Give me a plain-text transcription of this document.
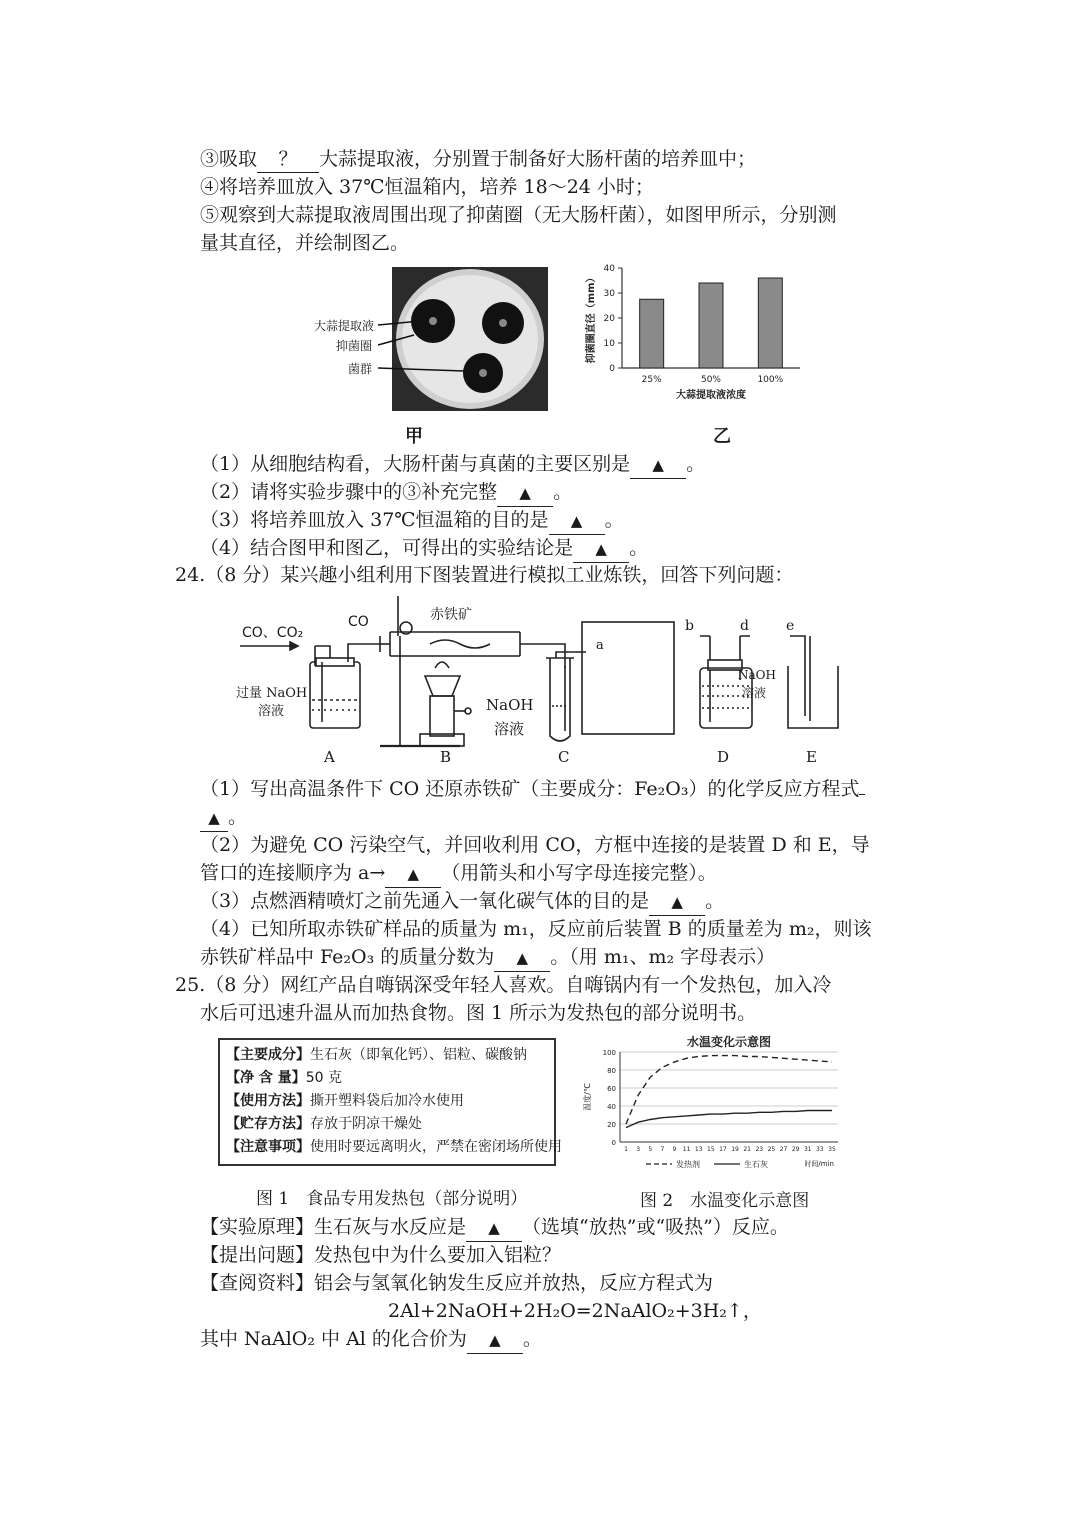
③吸取 ？ 大蒜提取液，分别置于制备好大肠杆菌的培养皿中；
④将培养皿放入 37℃恒温箱内，培养 18～24 小时；
⑤观察到大蒜提取液周围出现了抑菌圈（无大肠杆菌），如图甲所示，分别测
量其直径，并绘制图乙。
大蒜提取液
抑菌圈
菌群
甲
0
10
20
30
40
25%	50%	100%
大蒜提取液浓度
抑菌圈直径（mm）
乙
（1）从细胞结构看，大肠杆菌与真菌的主要区别是 ▲ 。
（2）请将实验步骤中的③补充完整 ▲ 。
（3）将培养皿放入 37℃恒温箱的目的是 ▲ 。
（4）结合图甲和图乙，可得出的实验结论是 ▲ 。
24.（8 分）某兴趣小组利用下图装置进行模拟工业炼铁，回答下列问题：
CO、CO₂
CO	赤铁矿
过量 NaOH
溶液	NaOH
溶液
a
b	d	e
NaOH
溶液
A	B	C	D	E
（1）写出高温条件下 CO 还原赤铁矿（主要成分：Fe₂O₃）的化学反应方程式
▲ 。
（2）为避免 CO 污染空气，并回收利用 CO，方框中连接的是装置 D 和 E，导
管口的连接顺序为 a→ ▲ （用箭头和小写字母连接完整）。
（3）点燃酒精喷灯之前先通入一氧化碳气体的目的是 ▲ 。
（4）已知所取赤铁矿样品的质量为 m₁，反应前后装置 B 的质量差为 m₂，则该
赤铁矿样品中 Fe₂O₃ 的质量分数为 ▲ 。（用 m₁、m₂ 字母表示）
25.（8 分）网红产品自嗨锅深受年轻人喜欢。自嗨锅内有一个发热包，加入冷
水后可迅速升温从而加热食物。图 1 所示为发热包的部分说明书。
【主要成分】生石灰（即氧化钙）、铝粒、碳酸钠
【净 含 量】50 克
【使用方法】撕开塑料袋后加冷水使用
【贮存方法】存放于阴凉干燥处
【注意事项】使用时要远离明火，严禁在密闭场所使用
图 1　食品专用发热包（部分说明）
水温变化示意图
0
20
40
60
80
100
1 3 5 7 9 11 13 15 17 19 21 23 25 27 29 31 33 35
温度/℃
时间/min
发热剂	生石灰
图 2　水温变化示意图
【实验原理】生石灰与水反应是 ▲ （选填“放热”或“吸热”）反应。
【提出问题】发热包中为什么要加入铝粒？
【查阅资料】铝会与氢氧化钠发生反应并放热，反应方程式为
2Al+2NaOH+2H₂O=2NaAlO₂+3H₂↑，
其中 NaAlO₂ 中 Al 的化合价为 ▲ 。
